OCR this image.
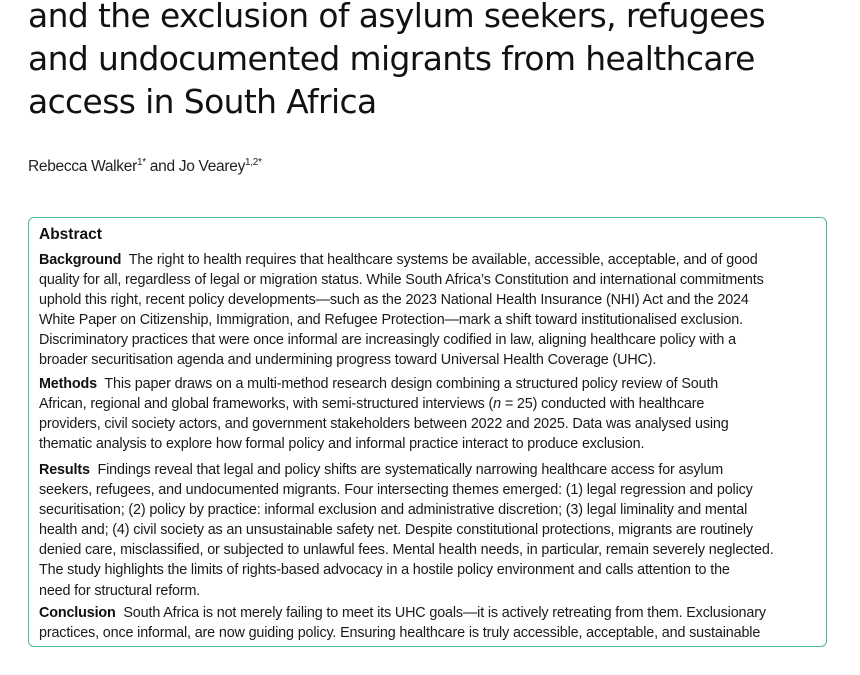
and the exclusion of asylum seekers, refugees
and undocumented migrants from healthcare
access in South Africa
Rebecca Walker$^{1*}$ and Jo Vearey$^{1,2*}$
Abstract

Background The right to health requires that healthcare systems be available, accessible, acceptable, and of good
quality for all, regardless of legal or migration status. While South Africa’s Constitution and international commitments
uphold this right, recent policy developments—such as the 2023 National Health Insurance (NHI) Act and the 2024
White Paper on Citizenship, Immigration, and Refugee Protection—mark a shift toward institutionalised exclusion.
Discriminatory practices that were once informal are increasingly codified in law, aligning healthcare policy with a
broader securitisation agenda and undermining progress toward Universal Health Coverage (UHC).

Methods This paper draws on a multi-method research design combining a structured policy review of South
African, regional and global frameworks, with semi-structured interviews (n = 25) conducted with healthcare
providers, civil society actors, and government stakeholders between 2022 and 2025. Data was analysed using
thematic analysis to explore how formal policy and informal practice interact to produce exclusion.

Results Findings reveal that legal and policy shifts are systematically narrowing healthcare access for asylum
seekers, refugees, and undocumented migrants. Four intersecting themes emerged: (1) legal regression and policy
securitisation; (2) policy by practice: informal exclusion and administrative discretion; (3) legal liminality and mental
health and; (4) civil society as an unsustainable safety net. Despite constitutional protections, migrants are routinely
denied care, misclassified, or subjected to unlawful fees. Mental health needs, in particular, remain severely neglected.
The study highlights the limits of rights-based advocacy in a hostile policy environment and calls attention to the
need for structural reform.

Conclusion South Africa is not merely failing to meet its UHC goals—it is actively retreating from them. Exclusionary
practices, once informal, are now guiding policy. Ensuring healthcare is truly accessible, acceptable, and sustainable
